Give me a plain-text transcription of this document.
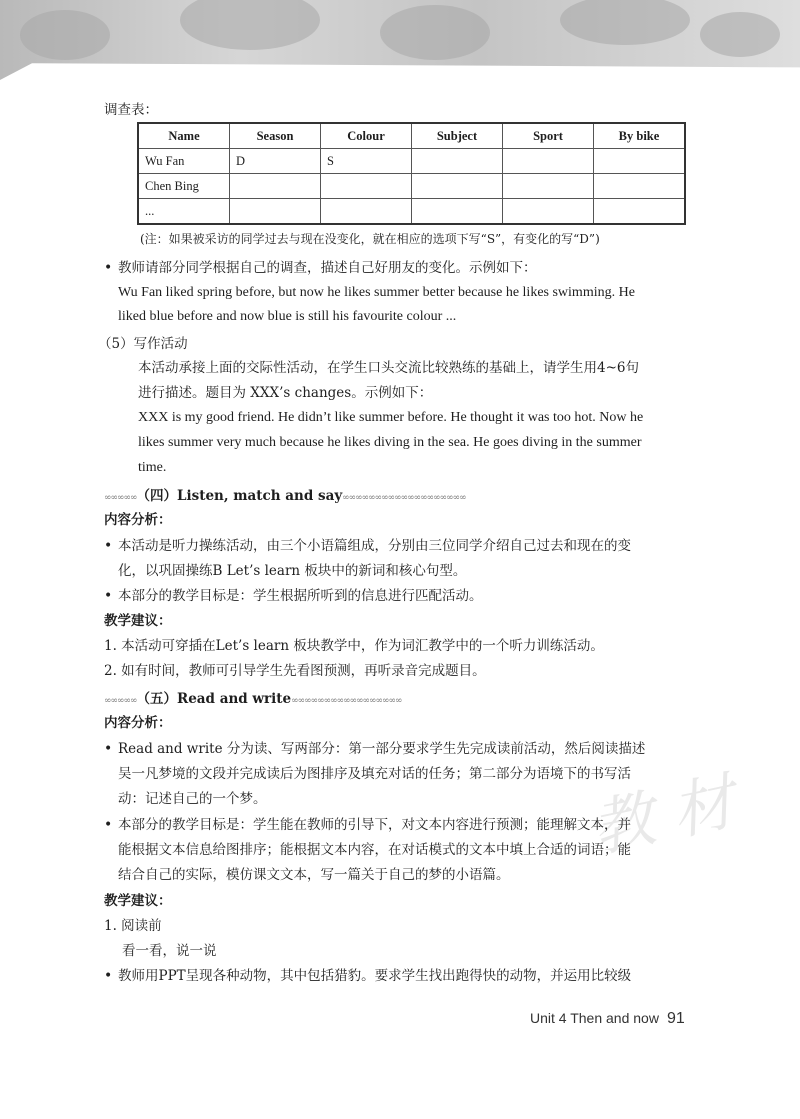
教 材
调查表：
Name	Season	Colour	Subject	Sport	By bike
Wu Fan	D	S			
Chen Bing					
...					
(注：如果被采访的同学过去与现在没变化，就在相应的选项下写“S”，有变化的写“D”)
• 教师请部分同学根据自己的调查，描述自己好朋友的变化。示例如下：
Wu Fan liked spring before, but now he likes summer better because he likes swimming. He
liked blue before and now blue is still his favourite colour ...
（5）写作活动
本活动承接上面的交际性活动，在学生口头交流比较熟练的基础上，请学生用4~6句
进行描述。题目为 XXX’s changes。示例如下：
XXX is my good friend. He didn’t like summer before. He thought it was too hot. Now he
likes summer very much because he likes diving in the sea. He goes diving in the summer
time.
∞∞∞∞∞（四）Listen, match and say∞∞∞∞∞∞∞∞∞∞∞∞∞∞∞∞∞∞∞
内容分析：
• 本活动是听力操练活动，由三个小语篇组成，分别由三位同学介绍自己过去和现在的变
化，以巩固操练B Let’s learn 板块中的新词和核心句型。
• 本部分的教学目标是：学生根据所听到的信息进行匹配活动。
教学建议：
1. 本活动可穿插在Let’s learn 板块教学中，作为词汇教学中的一个听力训练活动。
2. 如有时间，教师可引导学生先看图预测，再听录音完成题目。
∞∞∞∞∞（五）Read and write∞∞∞∞∞∞∞∞∞∞∞∞∞∞∞∞∞
内容分析：
• Read and write 分为读、写两部分：第一部分要求学生先完成读前活动，然后阅读描述
吴一凡梦境的文段并完成读后为图排序及填充对话的任务；第二部分为语境下的书写活
动：记述自己的一个梦。
• 本部分的教学目标是：学生能在教师的引导下，对文本内容进行预测；能理解文本，并
能根据文本信息给图排序；能根据文本内容，在对话模式的文本中填上合适的词语；能
结合自己的实际，模仿课文文本，写一篇关于自己的梦的小语篇。
教学建议：
1. 阅读前
看一看，说一说
• 教师用PPT呈现各种动物，其中包括猎豹。要求学生找出跑得快的动物，并运用比较级
Unit 4 Then and now 91
